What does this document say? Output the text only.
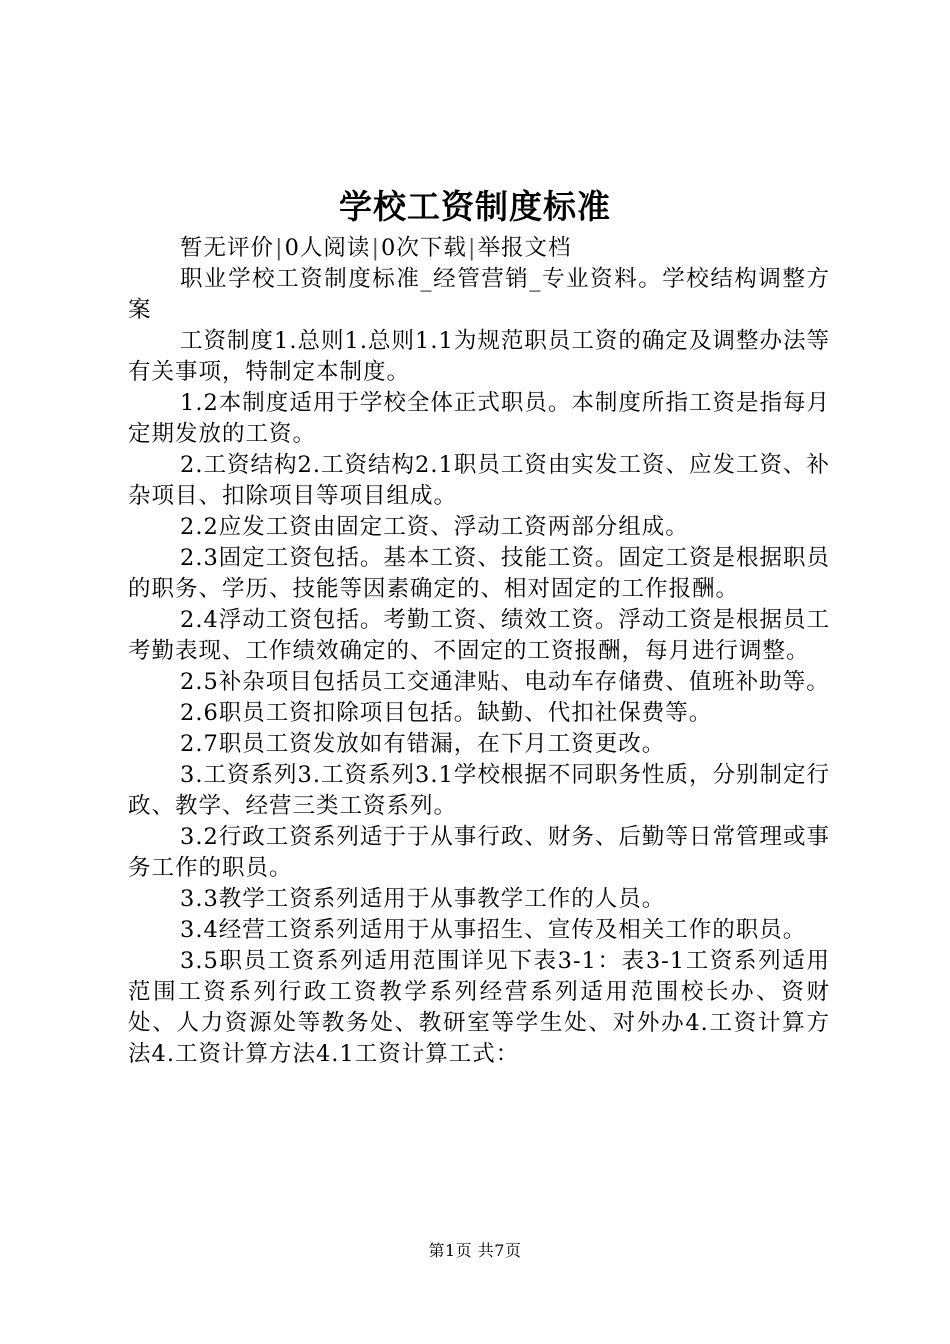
学校工资制度标准

暂无评价|0人阅读|0次下载|举报文档

职业学校工资制度标准_经管营销_专业资料。学校结构调整方案

工资制度1.总则1.总则1.1为规范职员工资的确定及调整办法等有关事项，特制定本制度。

1.2本制度适用于学校全体正式职员。本制度所指工资是指每月定期发放的工资。

2.工资结构2.工资结构2.1职员工资由实发工资、应发工资、补杂项目、扣除项目等项目组成。

2.2应发工资由固定工资、浮动工资两部分组成。

2.3固定工资包括。基本工资、技能工资。固定工资是根据职员的职务、学历、技能等因素确定的、相对固定的工作报酬。

2.4浮动工资包括。考勤工资、绩效工资。浮动工资是根据员工考勤表现、工作绩效确定的、不固定的工资报酬，每月进行调整。

2.5补杂项目包括员工交通津贴、电动车存储费、值班补助等。

2.6职员工资扣除项目包括。缺勤、代扣社保费等。

2.7职员工资发放如有错漏，在下月工资更改。

3.工资系列3.工资系列3.1学校根据不同职务性质，分别制定行政、教学、经营三类工资系列。

3.2行政工资系列适于于从事行政、财务、后勤等日常管理或事务工作的职员。

3.3教学工资系列适用于从事教学工作的人员。

3.4经营工资系列适用于从事招生、宣传及相关工作的职员。

3.5职员工资系列适用范围详见下表3-1：表3-1工资系列适用范围工资系列行政工资教学系列经营系列适用范围校长办、资财处、人力资源处等教务处、教研室等学生处、对外办4.工资计算方法4.工资计算方法4.1工资计算工式：

第1页 共7页
